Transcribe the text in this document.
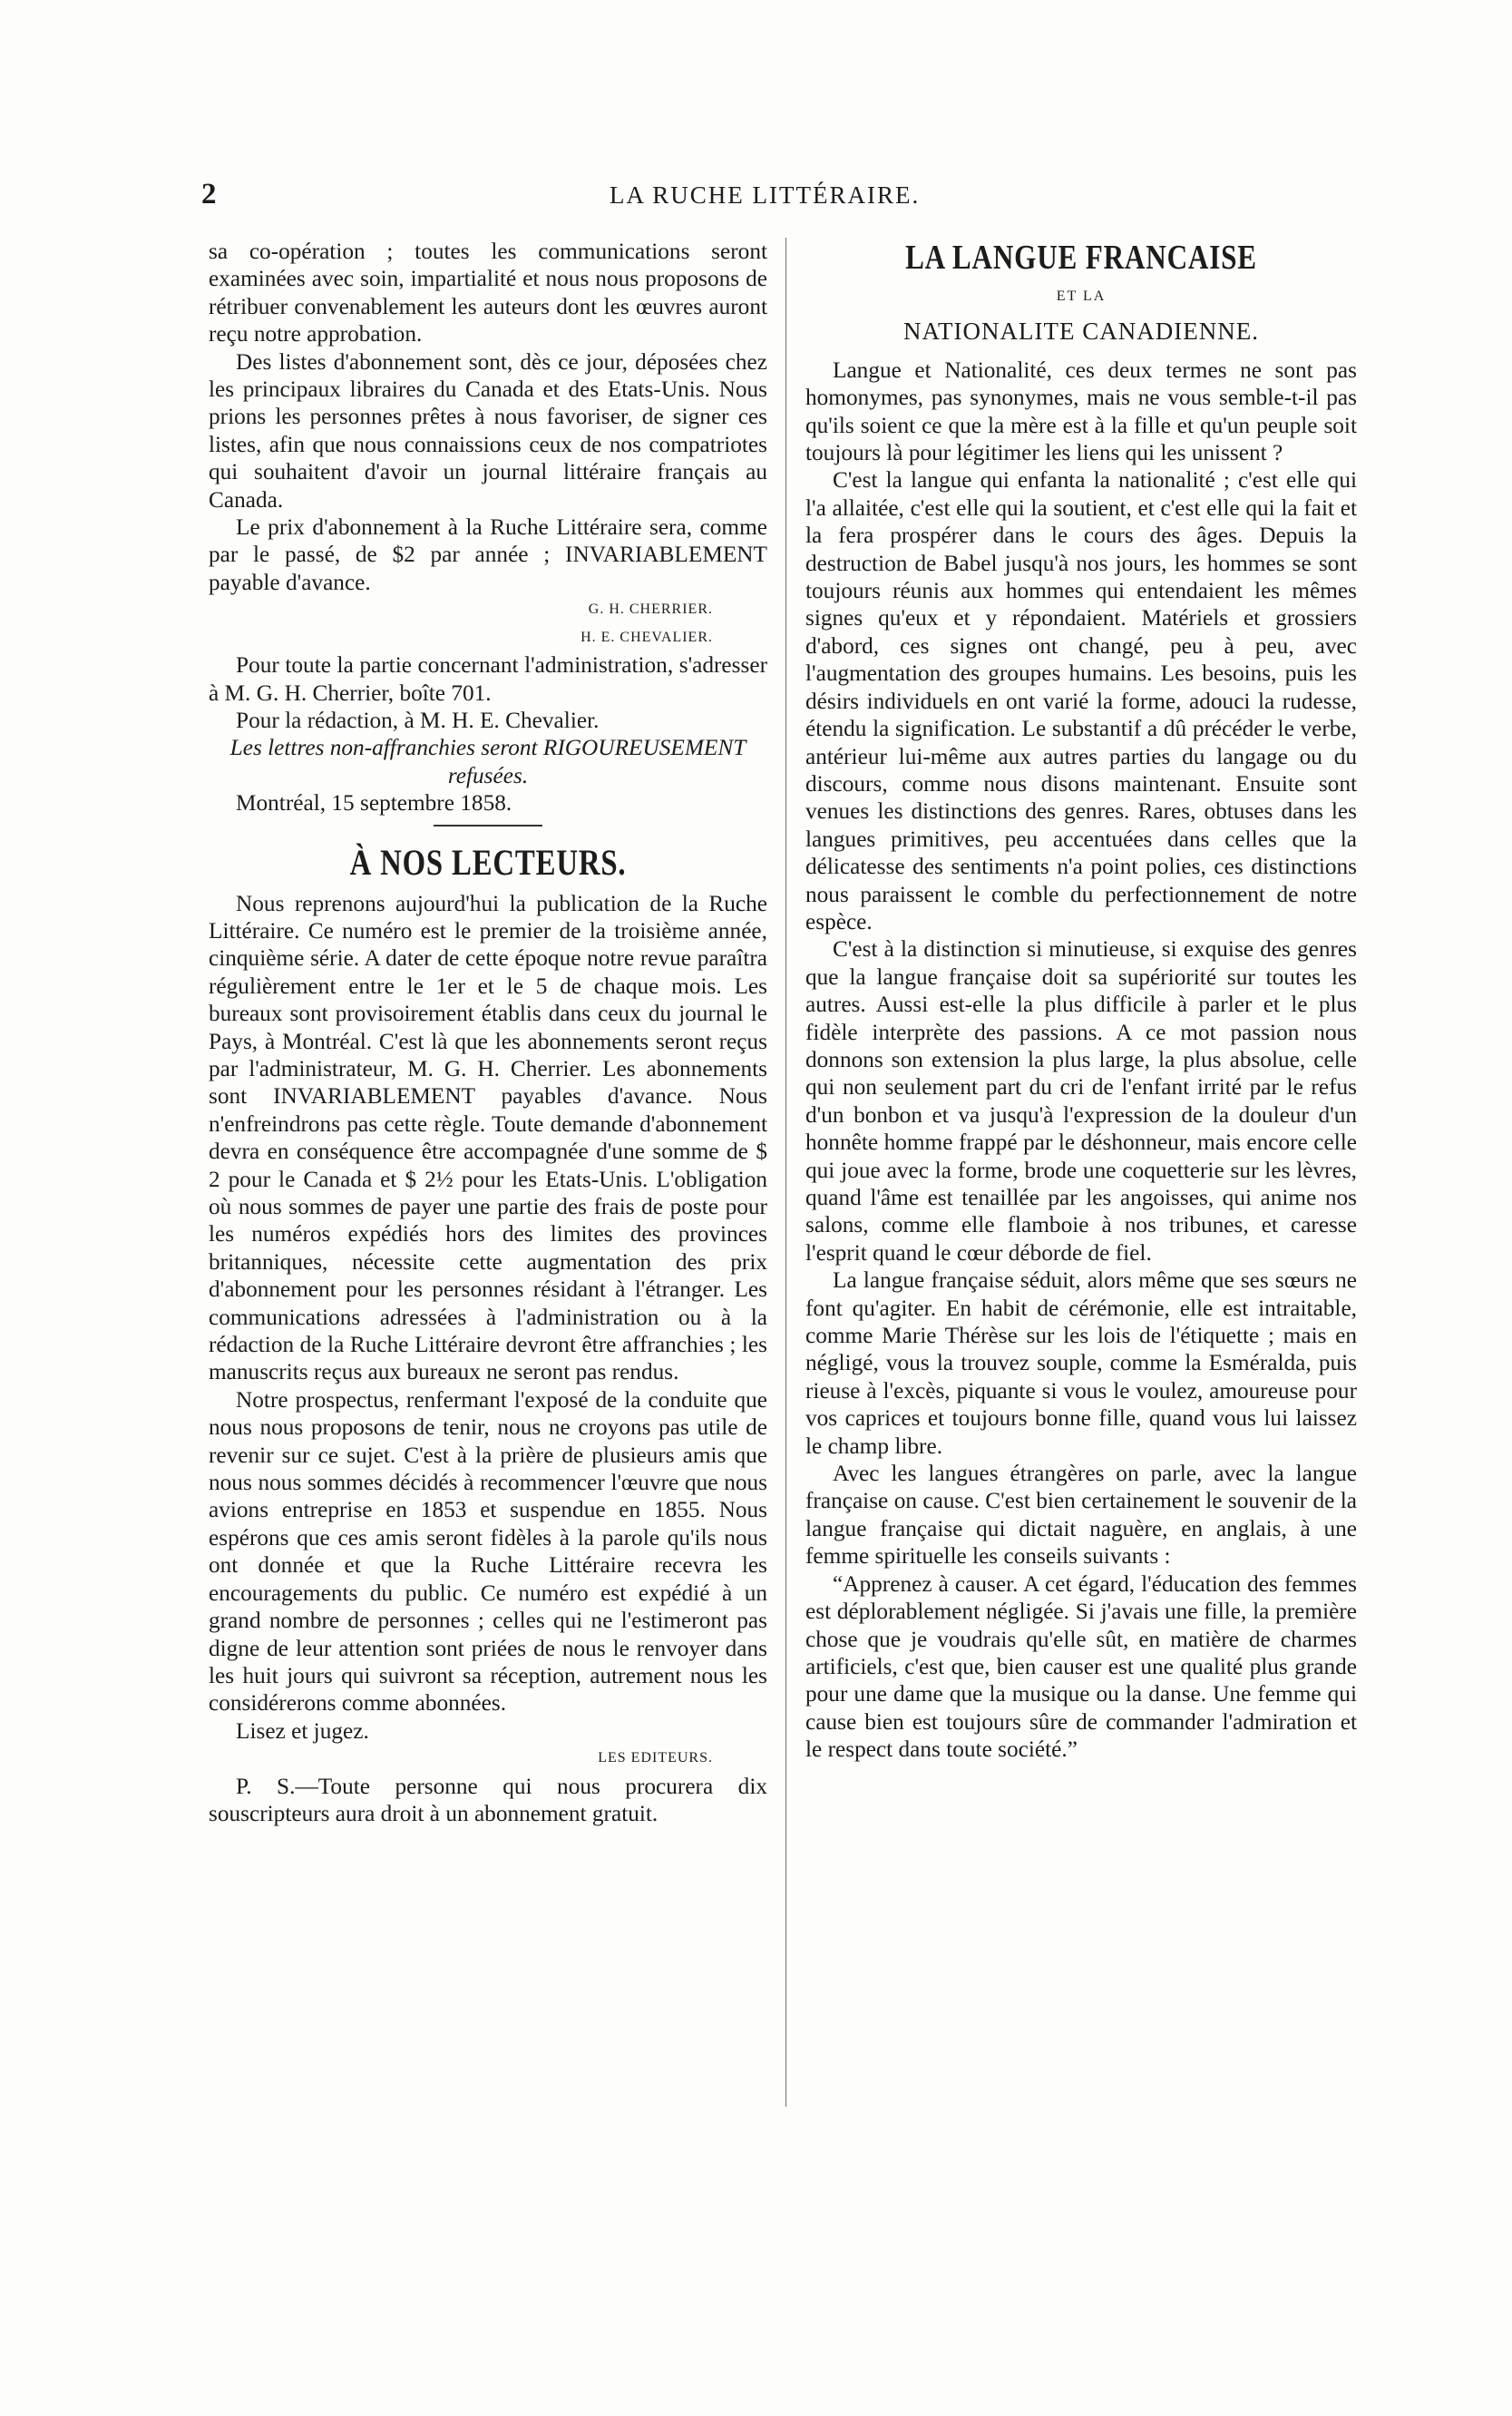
2	LA RUCHE LITTÉRAIRE.

sa co-opération ; toutes les communications seront examinées avec soin, impartialité et nous nous proposons de rétribuer convenablement les auteurs dont les œuvres auront reçu notre approbation.

Des listes d'abonnement sont, dès ce jour, déposées chez les principaux libraires du Canada et des Etats-Unis. Nous prions les personnes prêtes à nous favoriser, de signer ces listes, afin que nous connaissions ceux de nos compatriotes qui souhaitent d'avoir un journal littéraire français au Canada.

Le prix d'abonnement à la Ruche Littéraire sera, comme par le passé, de $2 par année ; INVARIABLEMENT payable d'avance.

G. H. CHERRIER.

H. E. CHEVALIER.

Pour toute la partie concernant l'administration, s'adresser à M. G. H. Cherrier, boîte 701.

Pour la rédaction, à M. H. E. Chevalier.

Les lettres non-affranchies seront RIGOUREUSEMENT refusées.

Montréal, 15 septembre 1858.

À NOS LECTEURS.

Nous reprenons aujourd'hui la publication de la Ruche Littéraire. Ce numéro est le premier de la troisième année, cinquième série. A dater de cette époque notre revue paraîtra régulièrement entre le 1er et le 5 de chaque mois. Les bureaux sont provisoirement établis dans ceux du journal le Pays, à Montréal. C'est là que les abonnements seront reçus par l'administrateur, M. G. H. Cherrier. Les abonnements sont INVARIABLEMENT payables d'avance. Nous n'enfreindrons pas cette règle. Toute demande d'abonnement devra en conséquence être accompagnée d'une somme de $ 2 pour le Canada et $ 2½ pour les Etats-Unis. L'obligation où nous sommes de payer une partie des frais de poste pour les numéros expédiés hors des limites des provinces britanniques, nécessite cette augmentation des prix d'abonnement pour les personnes résidant à l'étranger. Les communications adressées à l'administration ou à la rédaction de la Ruche Littéraire devront être affranchies ; les manuscrits reçus aux bureaux ne seront pas rendus.

Notre prospectus, renfermant l'exposé de la conduite que nous nous proposons de tenir, nous ne croyons pas utile de revenir sur ce sujet. C'est à la prière de plusieurs amis que nous nous sommes décidés à recommencer l'œuvre que nous avions entreprise en 1853 et suspendue en 1855. Nous espérons que ces amis seront fidèles à la parole qu'ils nous ont donnée et que la Ruche Littéraire recevra les encouragements du public. Ce numéro est expédié à un grand nombre de personnes ; celles qui ne l'estimeront pas digne de leur attention sont priées de nous le renvoyer dans les huit jours qui suivront sa réception, autrement nous les considérerons comme abonnées.

Lisez et jugez.

LES EDITEURS.

P. S.—Toute personne qui nous procurera dix souscripteurs aura droit à un abonnement gratuit.

LA LANGUE FRANCAISE
ET LA
NATIONALITE CANADIENNE.

Langue et Nationalité, ces deux termes ne sont pas homonymes, pas synonymes, mais ne vous semble-t-il pas qu'ils soient ce que la mère est à la fille et qu'un peuple soit toujours là pour légitimer les liens qui les unissent ?

C'est la langue qui enfanta la nationalité ; c'est elle qui l'a allaitée, c'est elle qui la soutient, et c'est elle qui la fait et la fera prospérer dans le cours des âges. Depuis la destruction de Babel jusqu'à nos jours, les hommes se sont toujours réunis aux hommes qui entendaient les mêmes signes qu'eux et y répondaient. Matériels et grossiers d'abord, ces signes ont changé, peu à peu, avec l'augmentation des groupes humains. Les besoins, puis les désirs individuels en ont varié la forme, adouci la rudesse, étendu la signification. Le substantif a dû précéder le verbe, antérieur lui-même aux autres parties du langage ou du discours, comme nous disons maintenant. Ensuite sont venues les distinctions des genres. Rares, obtuses dans les langues primitives, peu accentuées dans celles que la délicatesse des sentiments n'a point polies, ces distinctions nous paraissent le comble du perfectionnement de notre espèce.

C'est à la distinction si minutieuse, si exquise des genres que la langue française doit sa supériorité sur toutes les autres. Aussi est-elle la plus difficile à parler et le plus fidèle interprète des passions. A ce mot passion nous donnons son extension la plus large, la plus absolue, celle qui non seulement part du cri de l'enfant irrité par le refus d'un bonbon et va jusqu'à l'expression de la douleur d'un honnête homme frappé par le déshonneur, mais encore celle qui joue avec la forme, brode une coquetterie sur les lèvres, quand l'âme est tenaillée par les angoisses, qui anime nos salons, comme elle flamboie à nos tribunes, et caresse l'esprit quand le cœur déborde de fiel.

La langue française séduit, alors même que ses sœurs ne font qu'agiter. En habit de cérémonie, elle est intraitable, comme Marie Thérèse sur les lois de l'étiquette ; mais en négligé, vous la trouvez souple, comme la Esméralda, puis rieuse à l'excès, piquante si vous le voulez, amoureuse pour vos caprices et toujours bonne fille, quand vous lui laissez le champ libre.

Avec les langues étrangères on parle, avec la langue française on cause. C'est bien certainement le souvenir de la langue française qui dictait naguère, en anglais, à une femme spirituelle les conseils suivants :

“Apprenez à causer. A cet égard, l'éducation des femmes est déplorablement négligée. Si j'avais une fille, la première chose que je voudrais qu'elle sût, en matière de charmes artificiels, c'est que, bien causer est une qualité plus grande pour une dame que la musique ou la danse. Une femme qui cause bien est toujours sûre de commander l'admiration et le respect dans toute société.”
